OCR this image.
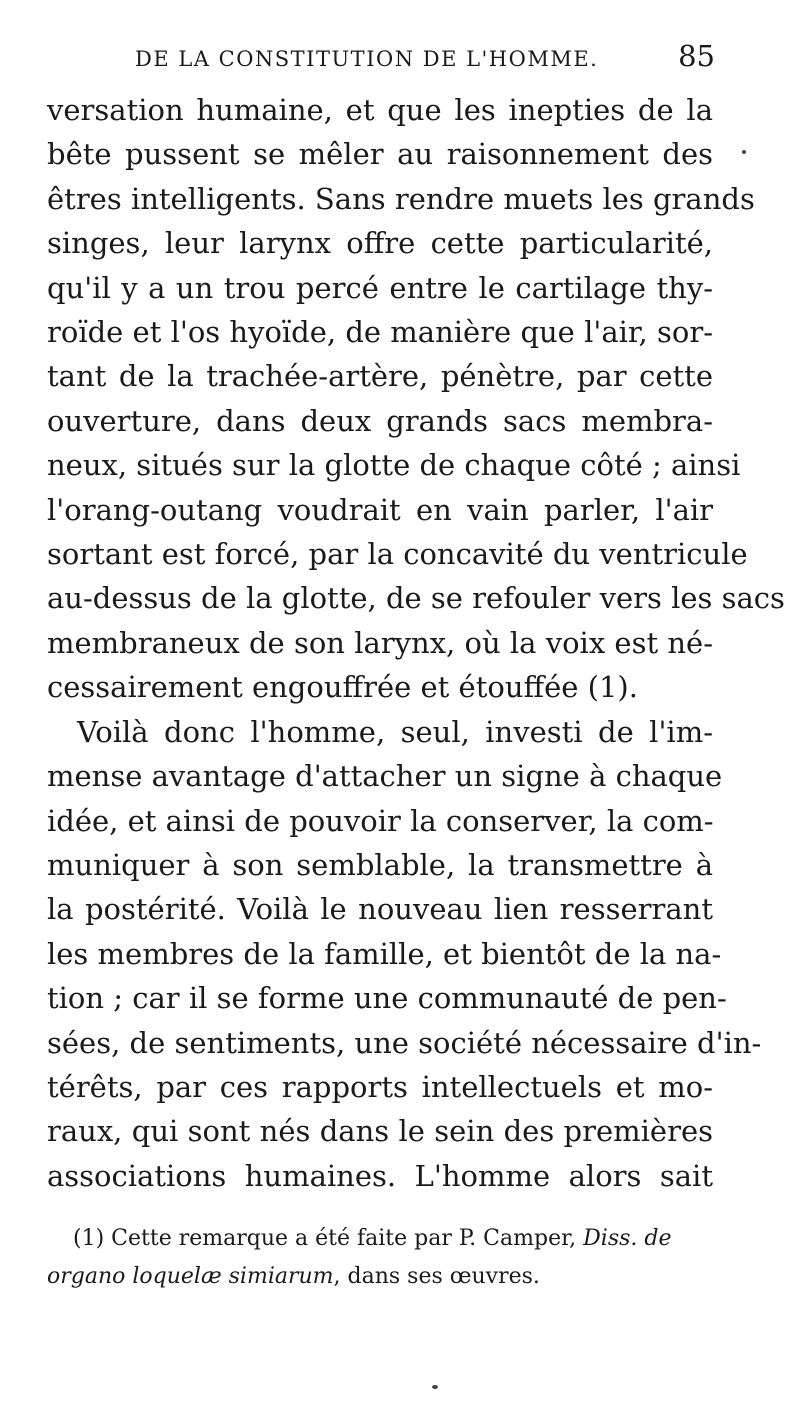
DE LA CONSTITUTION DE L'HOMME.	85
versation humaine, et que les inepties de la
bête pussent se mêler au raisonnement des
êtres intelligents. Sans rendre muets les grands
singes, leur larynx offre cette particularité,
qu'il y a un trou percé entre le cartilage thy-
roïde et l'os hyoïde, de manière que l'air, sor-
tant de la trachée-artère, pénètre, par cette
ouverture, dans deux grands sacs membra-
neux, situés sur la glotte de chaque côté ; ainsi
l'orang-outang voudrait en vain parler, l'air
sortant est forcé, par la concavité du ventricule
au-dessus de la glotte, de se refouler vers les sacs
membraneux de son larynx, où la voix est né-
cessairement engouffrée et étouffée (1).
Voilà donc l'homme, seul, investi de l'im-
mense avantage d'attacher un signe à chaque
idée, et ainsi de pouvoir la conserver, la com-
muniquer à son semblable, la transmettre à
la postérité. Voilà le nouveau lien resserrant
les membres de la famille, et bientôt de la na-
tion ; car il se forme une communauté de pen-
sées, de sentiments, une société nécessaire d'in-
térêts, par ces rapports intellectuels et mo-
raux, qui sont nés dans le sein des premières
associations humaines. L'homme alors sait
(1) Cette remarque a été faite par P. Camper, Diss. de
organo loquelæ simiarum, dans ses œuvres.
